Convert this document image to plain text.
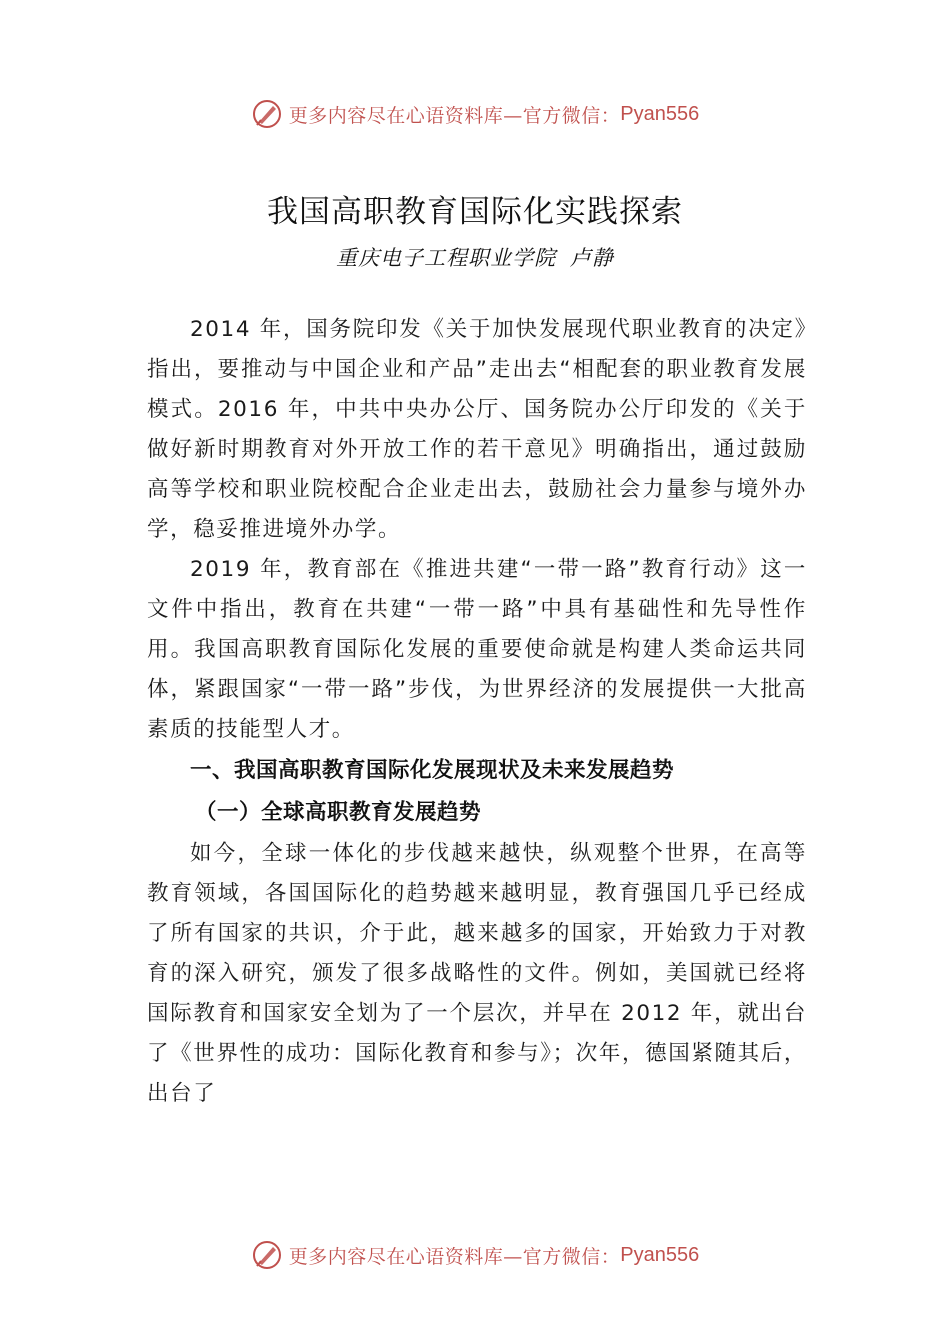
更多内容尽在心语资料库—官方微信： Pyan556
我国高职教育国际化实践探索
重庆电子工程职业学院 卢静

2014 年，国务院印发《关于加快发展现代职业教育的决定》指出，要推动与中国企业和产品”走出去“相配套的职业教育发展模式。2016 年，中共中央办公厅、国务院办公厅印发的《关于做好新时期教育对外开放工作的若干意见》明确指出，通过鼓励高等学校和职业院校配合企业走出去，鼓励社会力量参与境外办学，稳妥推进境外办学。

2019 年，教育部在《推进共建“一带一路”教育行动》这一文件中指出，教育在共建“一带一路”中具有基础性和先导性作用。我国高职教育国际化发展的重要使命就是构建人类命运共同体，紧跟国家“一带一路”步伐，为世界经济的发展提供一大批高素质的技能型人才。

一、我国高职教育国际化发展现状及未来发展趋势

（一）全球高职教育发展趋势

如今，全球一体化的步伐越来越快，纵观整个世界，在高等教育领域，各国国际化的趋势越来越明显，教育强国几乎已经成了所有国家的共识，介于此，越来越多的国家，开始致力于对教育的深入研究，颁发了很多战略性的文件。例如，美国就已经将国际教育和国家安全划为了一个层次，并早在 2012 年，就出台了《世界性的成功：国际化教育和参与》；次年，德国紧随其后，出台了

更多内容尽在心语资料库—官方微信： Pyan556
